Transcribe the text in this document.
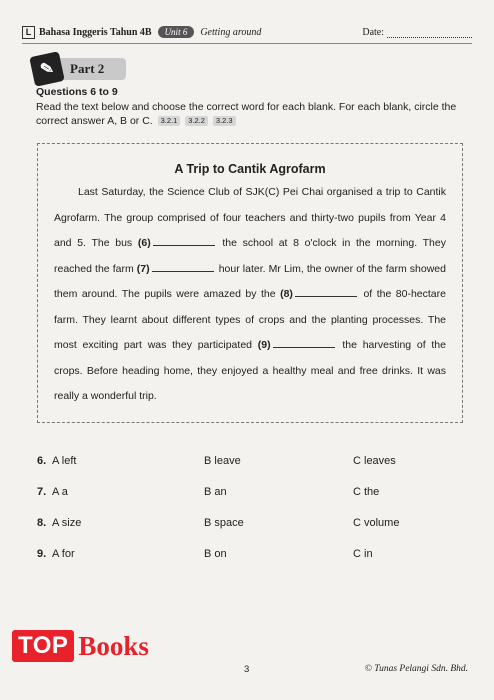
L Bahasa Inggeris Tahun 4B	Unit 6	Getting around	Date:
✎	Part 2
Questions 6 to 9
Read the text below and choose the correct word for each blank. For each blank, circle the correct answer A, B or C. 3.2.1 3.2.2 3.2.3
A Trip to Cantik Agrofarm

Last Saturday, the Science Club of SJK(C) Pei Chai organised a trip to Cantik Agrofarm. The group comprised of four teachers and thirty-two pupils from Year 4 and 5. The bus (6)	the school at 8 o'clock in the morning. They reached the farm (7)	hour later. Mr Lim, the owner of the farm showed them around. The pupils were amazed by the (8)	of the 80-hectare farm. They learnt about different types of crops and the planting processes. The most exciting part was they participated (9)	the harvesting of the crops. Before heading home, they enjoyed a healthy meal and free drinks. It was really a wonderful trip.

6. A left	B leave	C leaves
7. A a	B an	C the
8. A size	B space	C volume
9. A for	B on	C in
TOP Books
3	© Tunas Pelangi Sdn. Bhd.
